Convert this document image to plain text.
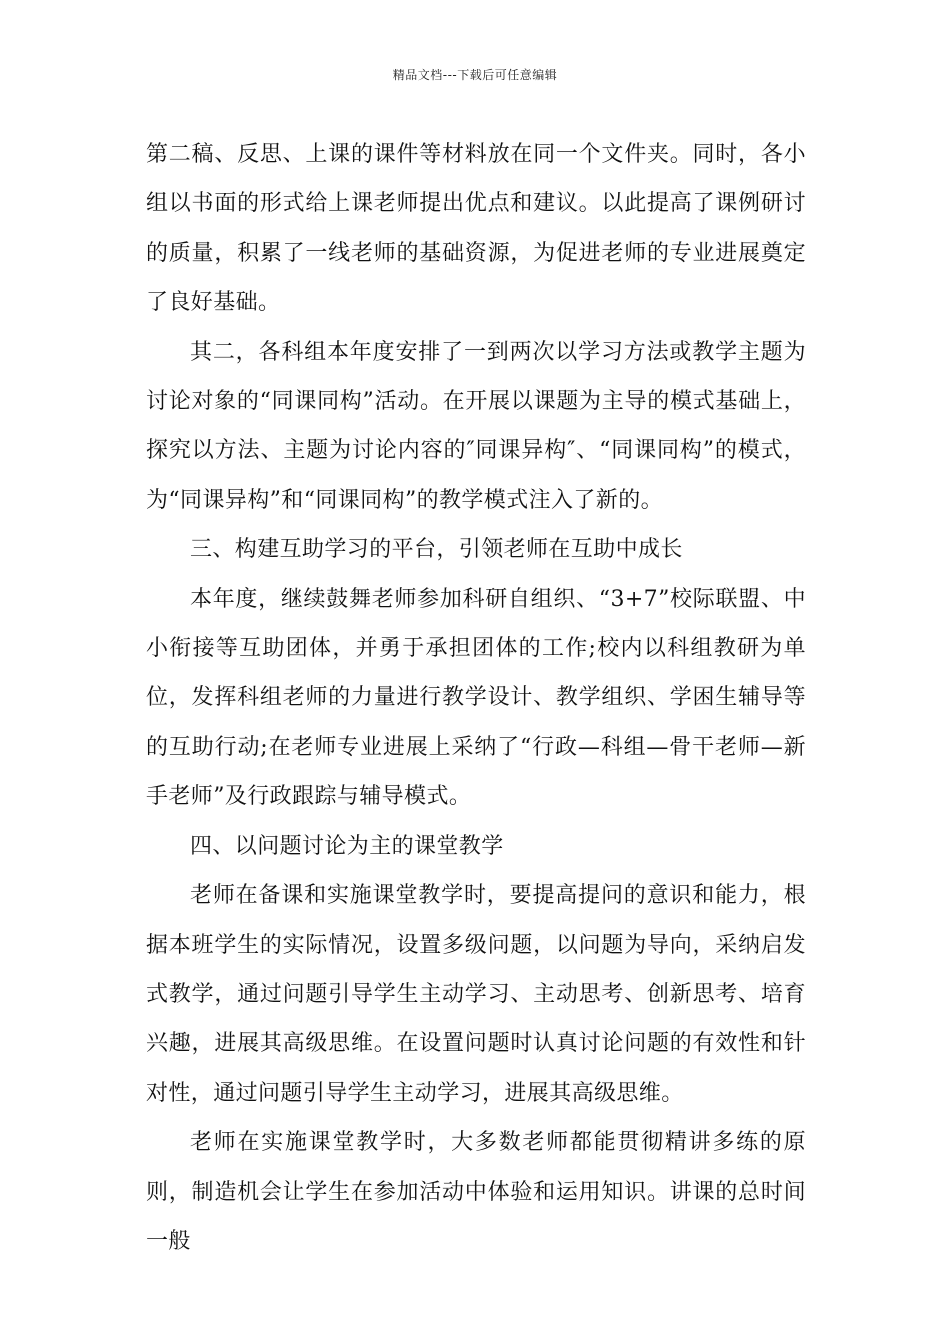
精品文档---下载后可任意编辑

第二稿、反思、上课的课件等材料放在同一个文件夹。同时，各小组以书面的形式给上课老师提出优点和建议。以此提高了课例研讨的质量，积累了一线老师的基础资源，为促进老师的专业进展奠定了良好基础。

其二，各科组本年度安排了一到两次以学习方法或教学主题为讨论对象的“同课同构”活动。在开展以课题为主导的模式基础上，探究以方法、主题为讨论内容的″同课异构″、“同课同构”的模式，为“同课异构”和“同课同构”的教学模式注入了新的。

三、构建互助学习的平台，引领老师在互助中成长

本年度，继续鼓舞老师参加科研自组织、“3+7”校际联盟、中小衔接等互助团体，并勇于承担团体的工作;校内以科组教研为单位，发挥科组老师的力量进行教学设计、教学组织、学困生辅导等的互助行动;在老师专业进展上采纳了“行政—科组—骨干老师—新手老师”及行政跟踪与辅导模式。

四、以问题讨论为主的课堂教学

老师在备课和实施课堂教学时，要提高提问的意识和能力，根据本班学生的实际情况，设置多级问题，以问题为导向，采纳启发式教学，通过问题引导学生主动学习、主动思考、创新思考、培育兴趣，进展其高级思维。在设置问题时认真讨论问题的有效性和针对性，通过问题引导学生主动学习，进展其高级思维。

老师在实施课堂教学时，大多数老师都能贯彻精讲多练的原则，制造机会让学生在参加活动中体验和运用知识。讲课的总时间一般
